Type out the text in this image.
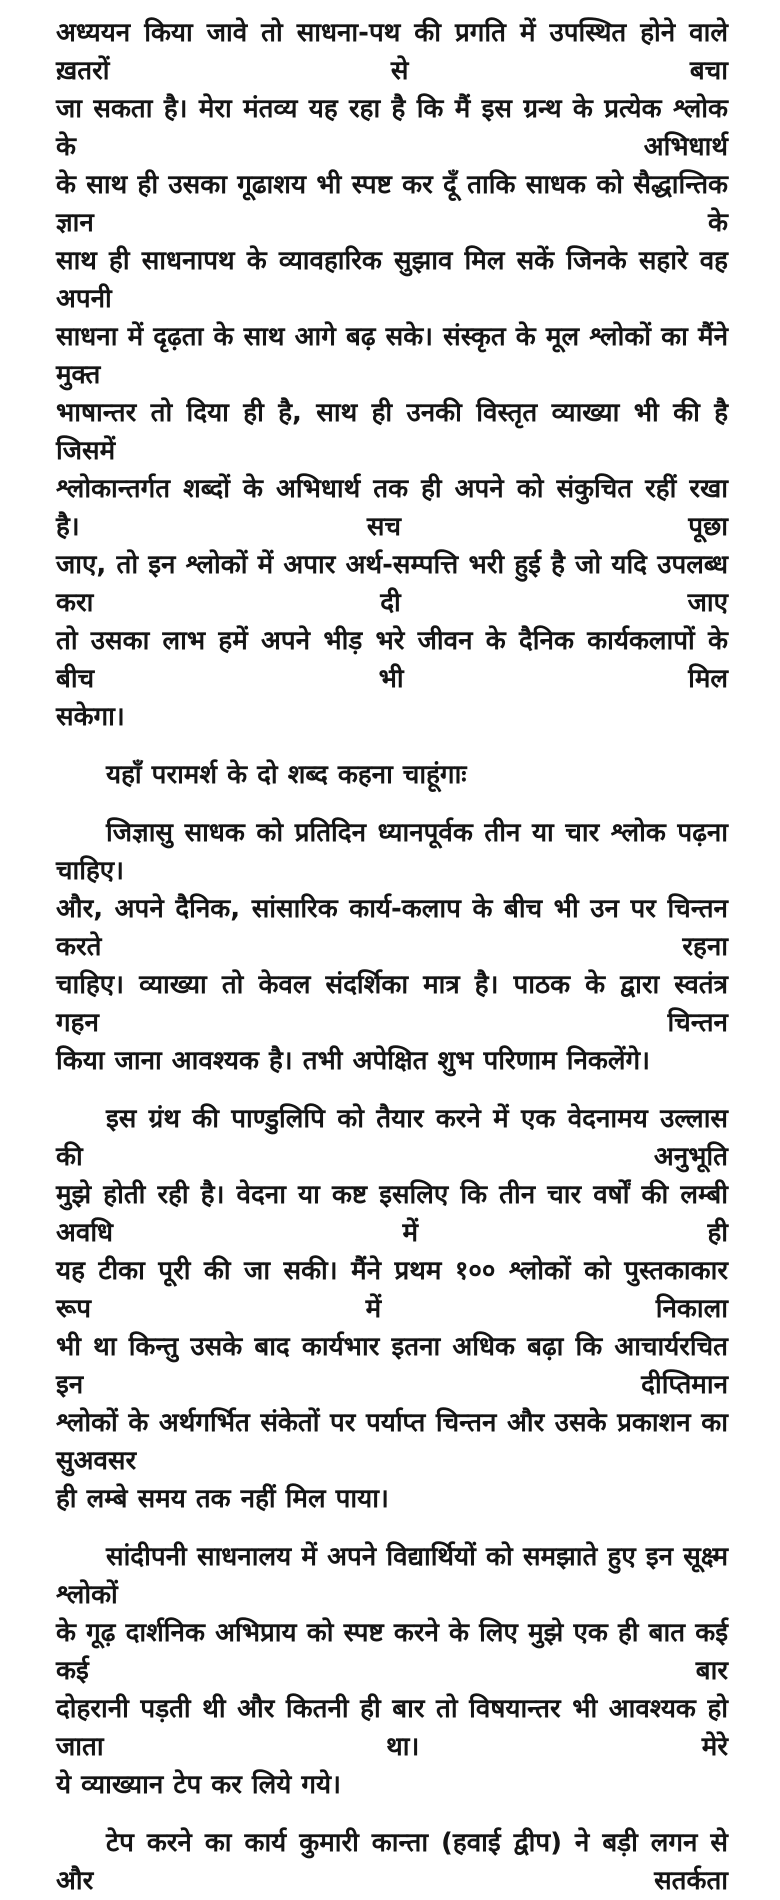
अध्ययन किया जावे तो साधना-पथ की प्रगति में उपस्थित होने वाले ख़तरों से बचा
जा सकता है। मेरा मंतव्य यह रहा है कि मैं इस ग्रन्थ के प्रत्येक श्लोक के अभिधार्थ
के साथ ही उसका गूढाशय भी स्पष्ट कर दूँ ताकि साधक को सैद्धान्तिक ज्ञान के
साथ ही साधनापथ के व्यावहारिक सुझाव मिल सकें जिनके सहारे वह अपनी
साधना में दृढ़ता के साथ आगे बढ़ सके। संस्कृत के मूल श्लोकों का मैंने मुक्त
भाषान्तर तो दिया ही है, साथ ही उनकी विस्तृत व्याख्या भी की है जिसमें
श्लोकान्तर्गत शब्दों के अभिधार्थ तक ही अपने को संकुचित रहीं रखा है। सच पूछा
जाए, तो इन श्लोकों में अपार अर्थ-सम्पत्ति भरी हुई है जो यदि उपलब्ध करा दी जाए
तो उसका लाभ हमें अपने भीड़ भरे जीवन के दैनिक कार्यकलापों के बीच भी मिल
सकेगा।
यहाँ परामर्श के दो शब्द कहना चाहूंगाः
जिज्ञासु साधक को प्रतिदिन ध्यानपूर्वक तीन या चार श्लोक पढ़ना चाहिए।
और, अपने दैनिक, सांसारिक कार्य-कलाप के बीच भी उन पर चिन्तन करते रहना
चाहिए। व्याख्या तो केवल संदर्शिका मात्र है। पाठक के द्वारा स्वतंत्र गहन चिन्तन
किया जाना आवश्यक है। तभी अपेक्षित शुभ परिणाम निकलेंगे।
इस ग्रंथ की पाण्डुलिपि को तैयार करने में एक वेदनामय उल्लास की अनुभूति
मुझे होती रही है। वेदना या कष्ट इसलिए कि तीन चार वर्षों की लम्बी अवधि में ही
यह टीका पूरी की जा सकी। मैंने प्रथम १०० श्लोकों को पुस्तकाकार रूप में निकाला
भी था किन्तु उसके बाद कार्यभार इतना अधिक बढ़ा कि आचार्यरचित इन दीप्तिमान
श्लोकों के अर्थगर्भित संकेतों पर पर्याप्त चिन्तन और उसके प्रकाशन का सुअवसर
ही लम्बे समय तक नहीं मिल पाया।
सांदीपनी साधनालय में अपने विद्यार्थियों को समझाते हुए इन सूक्ष्म श्लोकों
के गूढ़ दार्शनिक अभिप्राय को स्पष्ट करने के लिए मुझे एक ही बात कई कई बार
दोहरानी पड़ती थी और कितनी ही बार तो विषयान्तर भी आवश्यक हो जाता था। मेरे
ये व्याख्यान टेप कर लिये गये।
टेप करने का कार्य कुमारी कान्ता (हवाई द्वीप) ने बड़ी लगन से और सतर्कता
